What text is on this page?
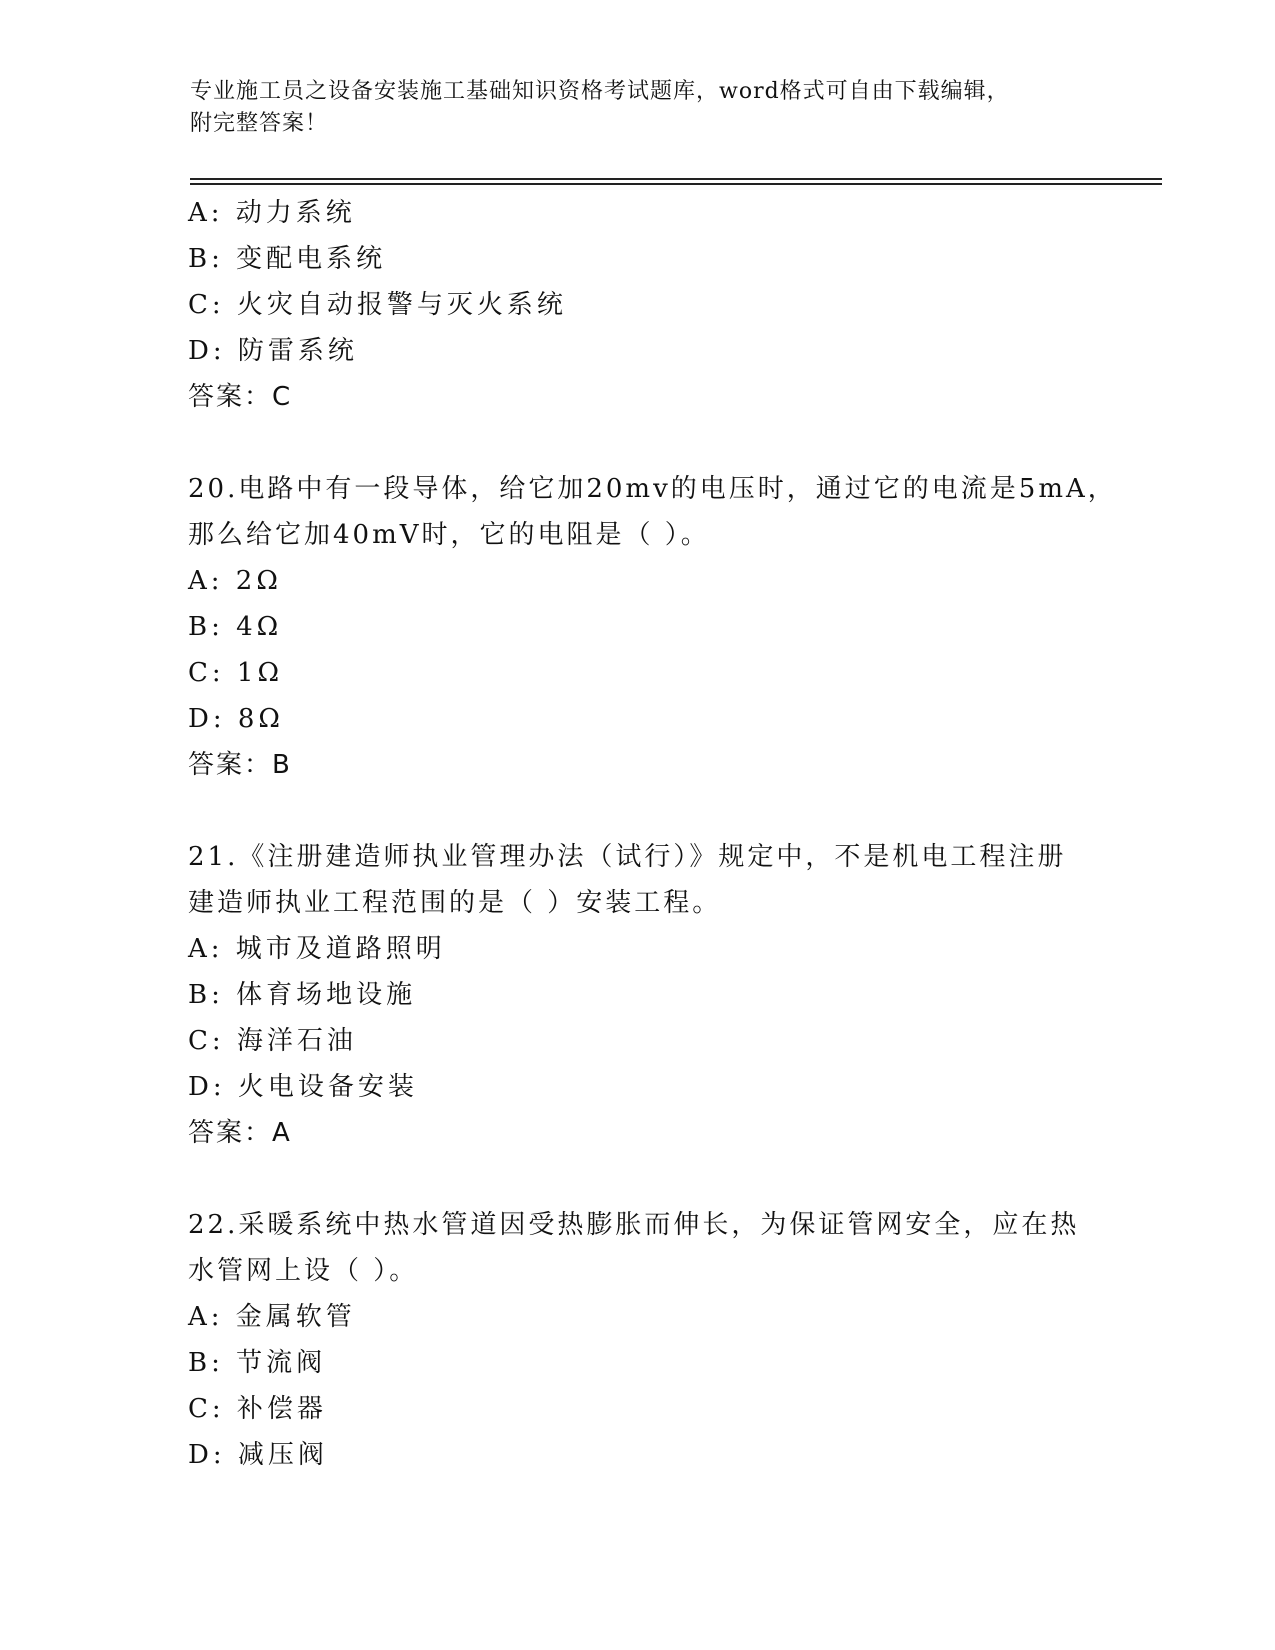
专业施工员之设备安装施工基础知识资格考试题库，word格式可自由下载编辑，
附完整答案！
A: 动力系统
B: 变配电系统
C: 火灾自动报警与灭火系统
D: 防雷系统
答案：C
20.电路中有一段导体，给它加20mv的电压时，通过它的电流是5mA，
那么给它加40mV时，它的电阻是（ ）。
A: 2Ω
B: 4Ω
C: 1Ω
D: 8Ω
答案：B
21.《注册建造师执业管理办法（试行）》规定中，不是机电工程注册
建造师执业工程范围的是（ ）安装工程。
A: 城市及道路照明
B: 体育场地设施
C: 海洋石油
D: 火电设备安装
答案：A
22.采暖系统中热水管道因受热膨胀而伸长，为保证管网安全，应在热
水管网上设（ ）。
A: 金属软管
B: 节流阀
C: 补偿器
D: 减压阀
